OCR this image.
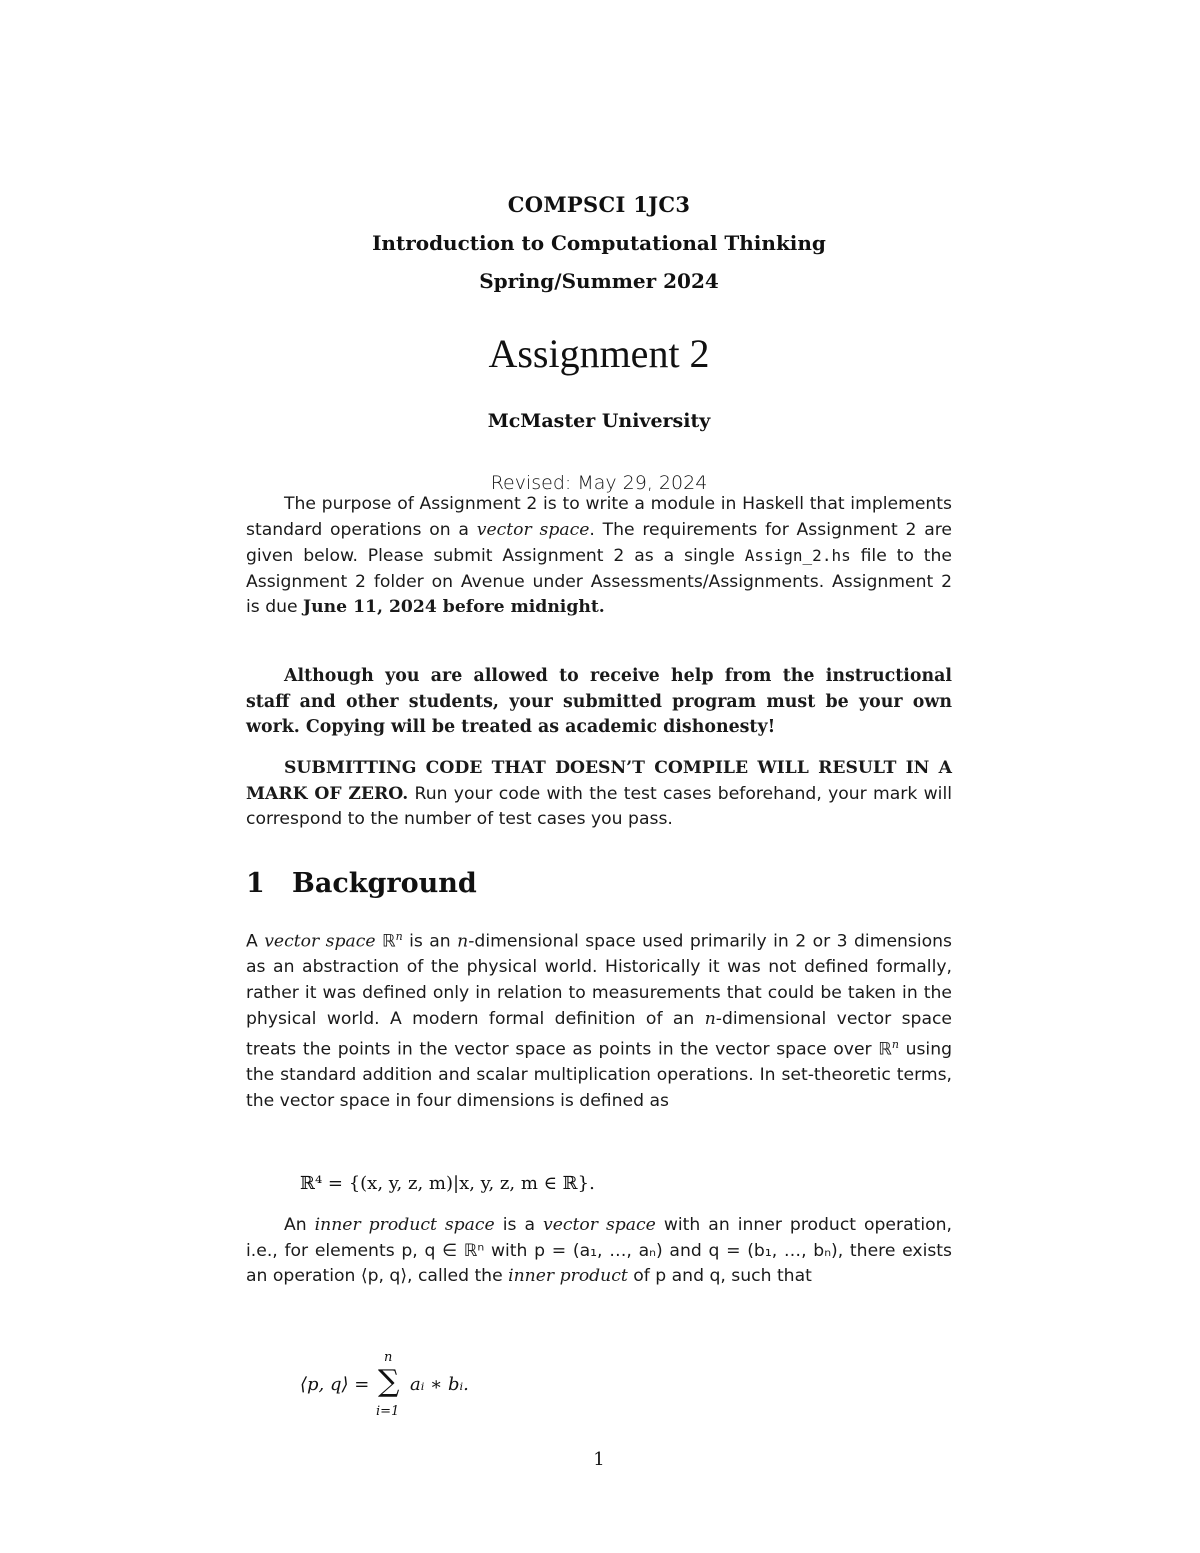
COMPSCI 1JC3
Introduction to Computational Thinking
Spring/Summer 2024
Assignment 2
McMaster University
Revised: May 29, 2024
The purpose of Assignment 2 is to write a module in Haskell that implements standard operations on a vector space. The requirements for Assignment 2 are given below. Please submit Assignment 2 as a single Assign_2.hs file to the Assignment 2 folder on Avenue under Assessments/Assignments. Assignment 2 is due June 11, 2024 before midnight.
Although you are allowed to receive help from the instructional staff and other students, your submitted program must be your own work. Copying will be treated as academic dishonesty!
SUBMITTING CODE THAT DOESN’T COMPILE WILL RESULT IN A MARK OF ZERO. Run your code with the test cases beforehand, your mark will correspond to the number of test cases you pass.
1 Background
A vector space ℝ$^n$ is an n-dimensional space used primarily in 2 or 3 dimensions as an abstraction of the physical world. Historically it was not defined formally, rather it was defined only in relation to measurements that could be taken in the physical world. A modern formal definition of an n-dimensional vector space treats the points in the vector space as points in the vector space over ℝ$^n$ using the standard addition and scalar multiplication operations. In set-theoretic terms, the vector space in four dimensions is defined as
ℝ⁴ = {(x, y, z, m)|x, y, z, m ∈ ℝ}.
An inner product space is a vector space with an inner product operation, i.e., for elements p, q ∈ ℝⁿ with p = (a₁, …, aₙ) and q = (b₁, …, bₙ), there exists an operation ⟨p, q⟩, called the inner product of p and q, such that
⟨p, q⟩ =
n
∑
i=1
aᵢ ∗ bᵢ.
1
